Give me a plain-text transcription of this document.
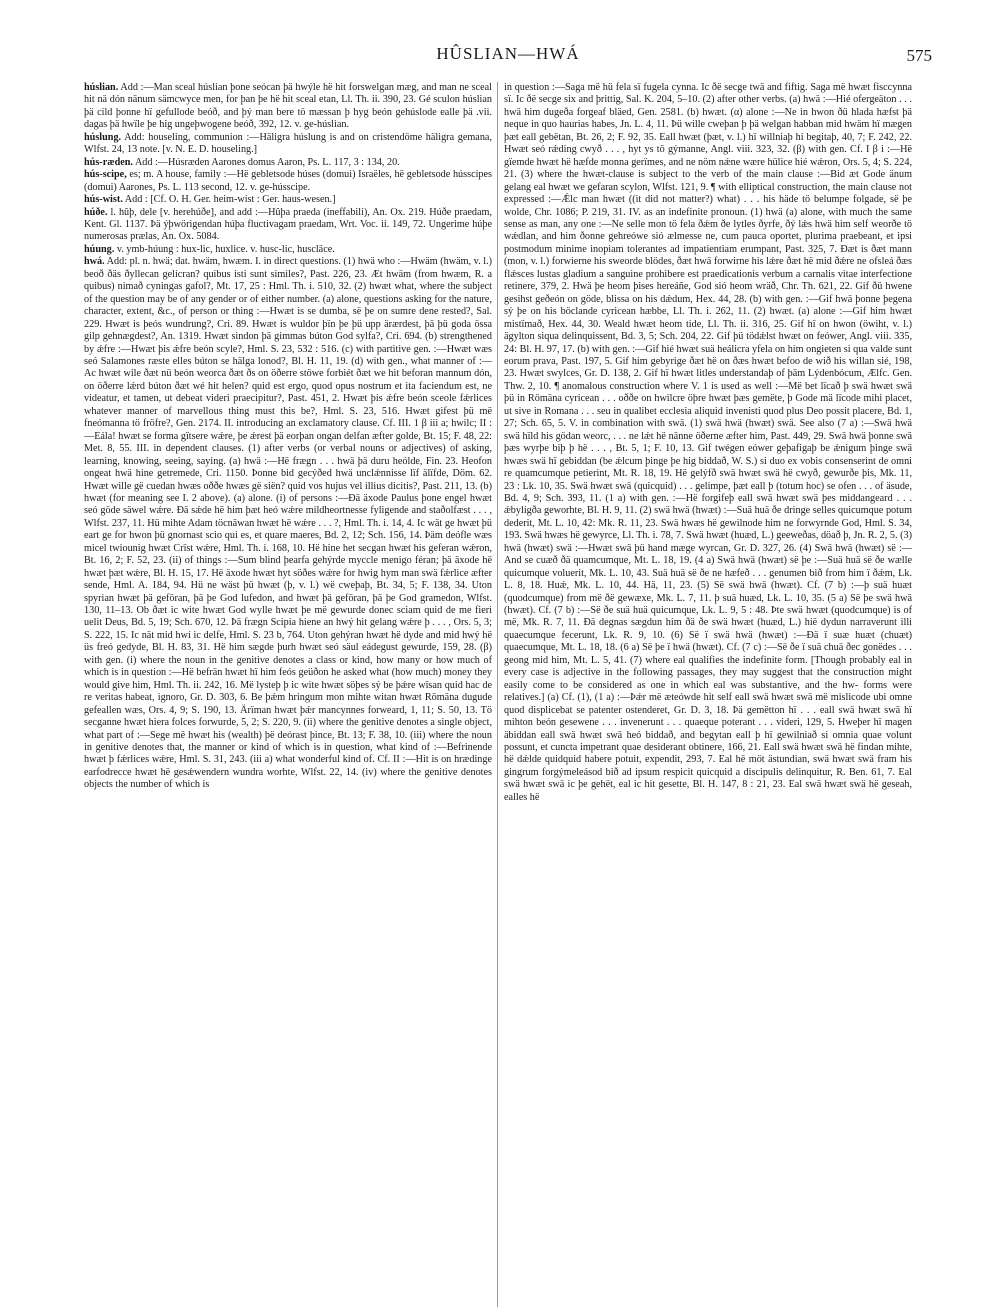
HÛSLIAN—HWÁ	575

húslian. Add :—Man sceal húslian þone seócan þä hwýle hë hit forswelgan mæg, and man ne sceal hit nä dón nänum sämcwyce men, for þan þe hë hit sceal etan, Ll. Th. ii. 390, 23. Gé sculon húslian þä cild þonne hï gefullode beóð, and þý man bere tö mæssan þ hyg beón gehúslode ealle þä .vii. dagas þä hwïle þe hig ungeþwogene beóð, 392, 12. v. ge-húslian.

húslung. Add: houseling, communion :—Häligra húslung is and on cristendöme häligra gemana, Wlfst. 24, 13 note. [v. N. E. D. houseling.]

hús-ræden. Add :—Húsræden Aarones domus Aaron, Ps. L. 117, 3 : 134, 20.

hús-scipe, es; m. A house, family :—Hë gebletsode húses (domui) Israëles, hë gebletsode hússcipes (domui) Aarones, Ps. L. 113 second, 12. v. ge-hússcipe.

hús-wist. Add : [Cf. O. H. Ger. heim-wist : Ger. haus-wesen.]

húðe. l. hûþ, dele [v. herehúðe], and add :—Hûþa praeda (ineffabili), An. Ox. 219. Húðe praedam, Kent. Gl. 1137. Þä ýþwörigendan húþa fluctivagam praedam, Wrt. Voc. ii. 149, 72. Ungerime húþe numerosas prælas, An. Ox. 5084.

húung. v. ymb-húung : hux-lic, huxlice. v. husc-lic, huscläce.

hwá. Add: pl. n. hwä; dat. hwäm, hwæm. I. in direct questions. (1) hwä who :—Hwäm (hwäm, v. l.) beoð ðäs ðyllecan gelicran? quibus isti sunt similes?, Past. 226, 23. Æt hwäm (from hwæm, R. a quibus) nimað cyningas gafol?, Mt. 17, 25 : Hml. Th. i. 510, 32. (2) hwæt what, where the subject of the question may be of any gender or of either number. (a) alone, questions asking for the nature, character, extent, &c., of person or thing :—Hwæt is se dumba, së þe on sumre dene rested?, Sal. 229. Hwæt is þeós wundrung?, Cri. 89. Hwæt is wuldor þïn þe þü upp ärærdest, þä þü goda össa gilp gehnægdest?, An. 1319. Hwæt sindon þä gimmas búton God sylfa?, Cri. 694. (b) strengthened by ǽfre :—Hwæt þis ǽfre beón scyle?, Hml. S. 23, 532 : 516. (c) with partitive gen. :—Hwæt wæs seó Salamones ræste elles búton se hälga lonod?, Bl. H. 11, 19. (d) with gen., what manner of :—Ac hwæt wile ðæt nü beón weorca ðæt ðs on öðerre stöwe forbiét ðæt we hit beforan mannum dón, on öðerre lǽrd búton ðæt wé hit helen? quid est ergo, quod opus nostrum et ita faciendum est, ne videatur, et tamen, ut debeat videri praecipitur?, Past. 451, 2. Hwæt þis ǽfre beón sceole fǽrlices whatever manner of marvellous thing must this be?, Hml. S. 23, 516. Hwæt gifest þü më fneómanna tö fröfre?, Gen. 2174. II. introducing an exclamatory clause. Cf. III. 1 β iii a; hwilc; II :—Eála! hwæt se forma gïtsere wǽre, þe ǽrest þä eorþan ongan delfan æfter golde, Bt. 15; F. 48, 22: Met. 8, 55. III. in dependent clauses. (1) after verbs (or verbal nouns or adjectives) of asking, learning, knowing, seeing, saying. (a) hwä :—Hë frægn . . . hwä þä duru heólde, Fin. 23. Heofon ongeat hwä hine getremede, Cri. 1150. Þonne bid gecýðed hwä unclǽnnisse lïf älïfde, Döm. 62. Hwæt wille gë cuedan hwæs oððe hwæs gë siën? quid vos hujus vel illius dicitis?, Past. 211, 13. (b) hwæt (for meaning see I. 2 above). (a) alone. (i) of persons :—Ðä äxode Paulus þone engel hwæt seó göde säwel wǽre. Ðä sǽde hë him þæt heó wǽre mildheortnesse fyligende and staðolfæst . . . , Wlfst. 237, 11. Hü mihte Adam töcnäwan hwæt hë wǽre . . . ?, Hml. Th. i. 14, 4. Ic wät ge hwæt þü eart ge for hwon þü gnornast scio qui es, et quare maeres, Bd. 2, 12; Sch. 156, 14. Þäm deófle wæs micel twiounig hwæt Crïst wǽre, Hml. Th. i. 168, 10. Hë hine het secgan hwæt his geferan wǽron, Bt. 16, 2; F. 52, 23. (ii) of things :—Sum blind þearfa gehýrde myccle menigo féran; þä äxode hë hwæt þæt wǽre, Bl. H. 15, 17. Hë äxode hwæt hyt söðes wǽre for hwig hym man swä fǽrlice æfter sende, Hml. A. 184, 94. Hü ne wäst þü hwæt (þ, v. l.) wë cweþaþ, Bt. 34, 5; F. 138, 34. Uton spyrian hwæt þä geföran, þä þe God lufedon, and hwæt þä geföran, þä þe God gramedon, Wlfst. 130, 11–13. Ob ðæt ic wite hwæt God wylle hwæt þe më gewurde donec sciam quid de me fieri uelit Deus, Bd. 5, 19; Sch. 670, 12. Þä frægn Scipia hiene an hwý hit gelang wǽre þ . . . , Ors. 5, 3; S. 222, 15. Ic nät mid hwí ic delfe, Hml. S. 23 b, 764. Uton gehýran hwæt hë dyde and mid hwý hë üs freó gedyde, Bl. H. 83, 31. Hë him sægde þurh hwæt seó säul eádegust gewurde, 159, 28. (β) with gen. (i) where the noun in the genitive denotes a class or kind, how many or how much of which is in question :—Hë befrän hwæt hï him feós geüðon he asked what (how much) money they would give him, Hml. Th. ii. 242, 16. Më lysteþ þ ic wite hwæt söþes sý be þǽre wïsan quid hac de re veritas habeat, ignoro, Gr. D. 303, 6. Be þǽm hringum mon mihte witan hwæt Römäna dugude gefeallen wæs, Ors. 4, 9; S. 190, 13. Ärïman hwæt þǽr mancynnes forweard, 1, 11; S. 50, 13. Tö secganne hwæt hiera folces forwurde, 5, 2; S. 220, 9. (ii) where the genitive denotes a single object, what part of :—Sege më hwæt his (wealth) þë deórast þince, Bt. 13; F. 38, 10. (iii) where the noun in genitive denotes that, the manner or kind of which is in question, what kind of :—Befrinende hwæt þ fǽrlices wǽre, Hml. S. 31, 243. (iii a) what wonderful kind of. Cf. II :—Hit is on hrædinge earfodrecce hwæt hë gesǽwendern wundra worhte, Wlfst. 22, 14. (iv) where the genitive denotes objects the number of which is

in question :—Saga më hü fela sï fugela cynna. Ic ðë secge twä and fiftig. Saga më hwæt fisccynna sï. Ic ðë secge six and þrittig, Sal. K. 204, 5–10. (2) after other verbs. (a) hwä :—Hié ofergeäton . . . hwä him dugeða forgeaf bläed, Gen. 2581. (b) hwæt. (α) alone :—Ne in hwon ðü hlada hæfst þä neque in quo haurias habes, Jn. L. 4, 11. Þü wille cweþan þ þä welgan habban mid hwäm hï mægen þæt eall gebëtan, Bt. 26, 2; F. 92, 35. Eall hwæt (þæt, v. l.) hï willniaþ hi begitaþ, 40, 7; F. 242, 22. Hwæt seó rǽding cwyð . . . , hyt ys tö gýmanne, Angl. viii. 323, 32. (β) with gen. Cf. I β i :—Hë gïemde hwæt hë hæfde monna gerïmes, and ne nöm nǽne wære hülice hié wǽron, Ors. 5, 4; S. 224, 21. (3) where the hwæt-clause is subject to the verb of the main clause :—Bid æt Gode änum gelang eal hwæt we gefaran scylon, Wlfst. 121, 9. ¶ with elliptical construction, the main clause not expressed :—Ǽlc man hwæt ((it did not matter?) what) . . . his häde tö belumpe folgade, së þe wolde, Chr. 1086; P. 219, 31. IV. as an indefinite pronoun. (1) hwä (a) alone, with much the same sense as man, any one :—Ne selle mon tö fela ðǽm ðe lytles ðyrfe, ðý lǽs hwä him self weorðe tö wǽdlan, and him ðonne gehreówe sió ælmesse ne, cum pauca oportet, plurima praebeant, et ipsi postmodum minime inopiam tolerantes ad impatientiam erumpant, Past. 325, 7. Ðæt is ðæt mann (mon, v. l.) forwierne his sweorde blödes, ðæt hwä forwirne his lǽre ðæt hë mid ðǽre ne ofsleá ðæs flǽsces lustas gladium a sanguine prohibere est praedicationis verbum a carnalis vitae interfectione retinere, 379, 2. Hwä þe heom þises hereáñe, God sió heom wräð, Chr. Th. 621, 22. Gif ðü hwene gesihst geðeón on göde, blissa on his dǽdum, Hex. 44, 28. (b) with gen. :—Gif hwä þonne þegena sý þe on his böclande cyricean hæbbe, Ll. Th. i. 262, 11. (2) hwæt. (a) alone :—Gif him hwæt mistïmað, Hex. 44, 30. Weald hwæt heom tide, Ll. Th. ii. 316, 25. Gif hï on hwon (öwiht, v. l.) ägylton siqua delinquissent, Bd. 3, 5; Sch. 204, 22. Gif þü tödǽlst hwæt on feówer, Angl. viii. 335, 24: Bl. H. 97, 17. (b) with gen. :—Gif hié hwæt suä heálicra yfela on him ongieten si qua valde sunt eorum prava, Past. 197, 5. Gif him gebyrige ðæt hë on ðæs hwæt befoo de wið his willan sié, 198, 23. Hwæt swylces, Gr. D. 138, 2. Gif hï hwæt litles understandaþ of þäm Lýdenbócum, Ælfc. Gen. Thw. 2, 10. ¶ anomalous construction where V. 1 is used as well :—Më bet lïcað þ swä hwæt swä þü in Römäna cyricean . . . oððe on hwilcre öþre hwæt þæs gemëte, þ Gode mä lïcode mihi placet, ut sive in Romana . . . seu in qualibet ecclesia aliquid invenisti quod plus Deo possit placere, Bd. 1, 27; Sch. 65, 5. V. in combination with swä. (1) swä hwä (hwæt) swä. See also (7 a) :—Swä hwä swä hïld his gödan weorc, . . . ne lǽt hë nänne öðerne æfter him, Past. 449, 29. Swä hwä þonne swä þæs wyrþe biþ þ hë . . . , Bt. 5, 1; F. 10, 13. Gif twégen eówer geþafigaþ be ǽnigum þinge swä hwæs swä hï gebiddan (be ǽlcum þinge þe hig biddað, W. S.) si duo ex vobis consenserint de omni re quamcumque petierint, Mt. R. 18, 19. Hë gelýfð swä hwæt swä hë cwyð, gewurðe þis, Mk. 11, 23 : Lk. 10, 35. Swä hwæt swä (quicquid) . . . gelimpe, þæt eall þ (totum hoc) se ofen . . . of äsude, Bd. 4, 9; Sch. 393, 11. (1 a) with gen. :—Hë forgifeþ eall swä hwæt swä þes middangeard . . . ǽbyligða geworhte, Bl. H. 9, 11. (2) swä hwä (hwæt) :—Suä huä ðe dringe selles quicumque potum dederit, Mt. L. 10, 42: Mk. R. 11, 23. Swä hwæs hë gewilnode him ne forwyrnde God, Hml. S. 34, 193. Swä hwæs hë gewyrce, Ll. Th. i. 78, 7. Swä hwæt (huæd, L.) geeweðas, döað þ, Jn. R. 2, 5. (3) hwä (hwæt) swä :—Hwæt swä þü hand mæge wyrcan, Gr. D. 327, 26. (4) Swä hwä (hwæt) së :—And se cuæð ðä quamcumque, Mt. L. 18, 19. (4 a) Swä hwä (hwæt) së þe :—Suä huä së ðe wælle quicumque voluerit, Mk. L. 10, 43. Suä huä së ðe ne hæfeð . . . genumen bið from him ï ðǽm, Lk. L. 8, 18. Huǽ, Mk. L. 10, 44. Hä, 11, 23. (5) Së swä hwä (hwæt). Cf. (7 b) :—þ suä huæt (quodcumque) from më ðë gewæxe, Mk. L. 7, 11. þ suä huæd, Lk. L. 10, 35. (5 a) Së þe swä hwä (hwæt). Cf. (7 b) :—Së ðe suä huä quicumque, Lk. L. 9, 5 : 48. Þte swä hwæt (quodcumque) is of më, Mk. R. 7, 11. Ðä degnas sægdun him ðä ðe swä hwæt (huæd, L.) hië dydun narraverunt illi quaecumque fecerunt, Lk. R. 9, 10. (6) Së ï swä hwä (hwæt) :—Ðä ï suæ huæt (chuæt) quaecumque, Mt. L. 18, 18. (6 a) Së þe ï hwä (hwæt). Cf. (7 c) :—Së ðe ï suä chuä ðec gonëdes . . . geong mid him, Mt. L. 5, 41. (7) where eal qualifies the indefinite form. [Though probably eal in every case is adjective in the following passages, they may suggest that the construction might easily come to be considered as one in which eal was substantive, and the hw- forms were relatives.] (a) Cf. (1), (1 a) :—Þǽr më æteówde hit self eall swä hwæt swä më mislicode ubi omne quod displicebat se patenter ostenderet, Gr. D. 3, 18. Þä gemëtton hï . . . eall swä hwæt swä hï mihton beón gesewene . . . invenerunt . . . quaeque poterant . . . videri, 129, 5. Hweþer hï magen äbiddan eall swä hwæt swä heó biddað, and begytan eall þ hï gewilniað si omnia quae volunt possunt, et cuncta impetrant quae desiderant obtinere, 166, 21. Eall swä hwæt swä hë findan mihte, hë dǽlde quidquid habere potuit, expendit, 293, 7. Eal hë möt ästundian, swä hwæt swä fram his gingrum forgýmeleásod bið ad ipsum respicit quicquid a discipulis delinquitur, R. Ben. 61, 7. Eal swä hwæt swä ic þe gehët, eal ic hit gesette, Bl. H. 147, 8 : 21, 23. Eal swä hwæt swä hë geseah, ealles hë
